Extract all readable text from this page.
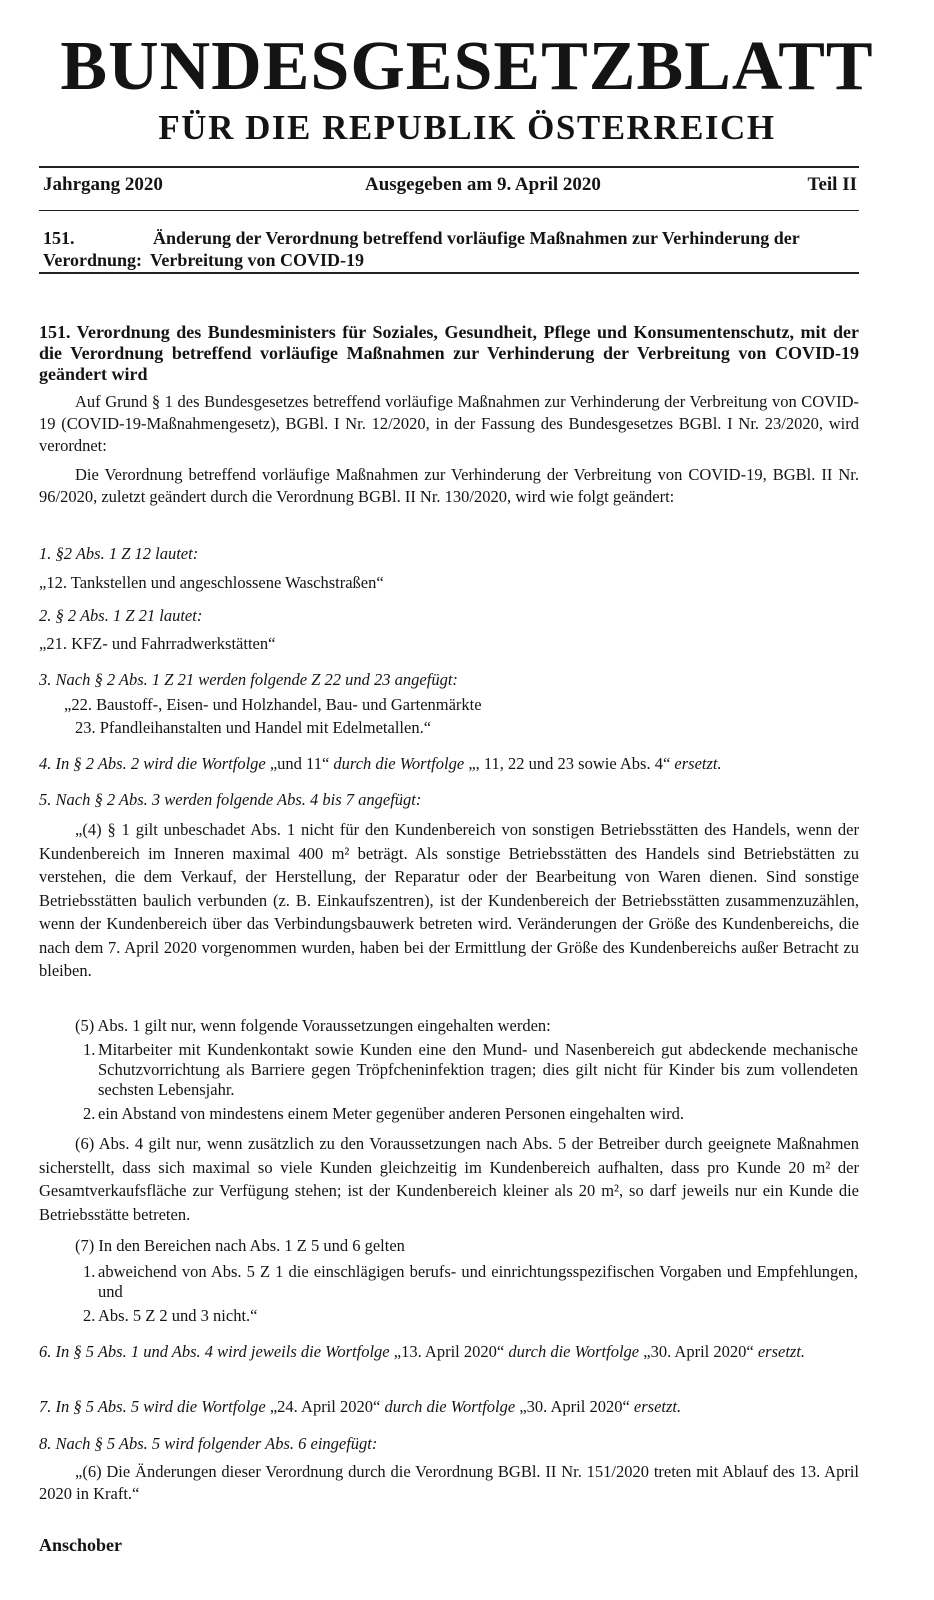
BUNDESGESETZBLATT
FÜR DIE REPUBLIK ÖSTERREICH
Jahrgang 2020	Ausgegeben am 9. April 2020	Teil II
151.	Änderung der Verordnung betreffend vorläufige Maßnahmen zur Verhinderung der
Verordnung: Verbreitung von COVID-19
151. Verordnung des Bundesministers für Soziales, Gesundheit, Pflege und Konsumentenschutz, mit der die Verordnung betreffend vorläufige Maßnahmen zur Verhinderung der Verbreitung von COVID-19 geändert wird
Auf Grund § 1 des Bundesgesetzes betreffend vorläufige Maßnahmen zur Verhinderung der Verbreitung von COVID-19 (COVID-19-Maßnahmengesetz), BGBl. I Nr. 12/2020, in der Fassung des Bundesgesetzes BGBl. I Nr. 23/2020, wird verordnet:
Die Verordnung betreffend vorläufige Maßnahmen zur Verhinderung der Verbreitung von COVID-19, BGBl. II Nr. 96/2020, zuletzt geändert durch die Verordnung BGBl. II Nr. 130/2020, wird wie folgt geändert:
1. §2 Abs. 1 Z 12 lautet:
„12. Tankstellen und angeschlossene Waschstraßen“
2. § 2 Abs. 1 Z 21 lautet:
„21. KFZ- und Fahrradwerkstätten“
3. Nach § 2 Abs. 1 Z 21 werden folgende Z 22 und 23 angefügt:
„22. Baustoff-, Eisen- und Holzhandel, Bau- und Gartenmärkte
23. Pfandleihanstalten und Handel mit Edelmetallen.“
4. In § 2 Abs. 2 wird die Wortfolge „und 11“ durch die Wortfolge „, 11, 22 und 23 sowie Abs. 4“ ersetzt.
5. Nach § 2 Abs. 3 werden folgende Abs. 4 bis 7 angefügt:
„(4) § 1 gilt unbeschadet Abs. 1 nicht für den Kundenbereich von sonstigen Betriebsstätten des Handels, wenn der Kundenbereich im Inneren maximal 400 m² beträgt. Als sonstige Betriebsstätten des Handels sind Betriebstätten zu verstehen, die dem Verkauf, der Herstellung, der Reparatur oder der Bearbeitung von Waren dienen. Sind sonstige Betriebsstätten baulich verbunden (z. B. Einkaufszentren), ist der Kundenbereich der Betriebsstätten zusammenzuzählen, wenn der Kundenbereich über das Verbindungsbauwerk betreten wird. Veränderungen der Größe des Kundenbereichs, die nach dem 7. April 2020 vorgenommen wurden, haben bei der Ermittlung der Größe des Kundenbereichs außer Betracht zu bleiben.
(5) Abs. 1 gilt nur, wenn folgende Voraussetzungen eingehalten werden:
1. Mitarbeiter mit Kundenkontakt sowie Kunden eine den Mund- und Nasenbereich gut abdeckende mechanische Schutzvorrichtung als Barriere gegen Tröpfcheninfektion tragen; dies gilt nicht für Kinder bis zum vollendeten sechsten Lebensjahr.
2. ein Abstand von mindestens einem Meter gegenüber anderen Personen eingehalten wird.
(6) Abs. 4 gilt nur, wenn zusätzlich zu den Voraussetzungen nach Abs. 5 der Betreiber durch geeignete Maßnahmen sicherstellt, dass sich maximal so viele Kunden gleichzeitig im Kundenbereich aufhalten, dass pro Kunde 20 m² der Gesamtverkaufsfläche zur Verfügung stehen; ist der Kundenbereich kleiner als 20 m², so darf jeweils nur ein Kunde die Betriebsstätte betreten.
(7) In den Bereichen nach Abs. 1 Z 5 und 6 gelten
1. abweichend von Abs. 5 Z 1 die einschlägigen berufs- und einrichtungsspezifischen Vorgaben und Empfehlungen, und
2. Abs. 5 Z 2 und 3 nicht.“
6. In § 5 Abs. 1 und Abs. 4 wird jeweils die Wortfolge „13. April 2020“ durch die Wortfolge „30. April 2020“ ersetzt.
7. In § 5 Abs. 5 wird die Wortfolge „24. April 2020“ durch die Wortfolge „30. April 2020“ ersetzt.
8. Nach § 5 Abs. 5 wird folgender Abs. 6 eingefügt:
„(6) Die Änderungen dieser Verordnung durch die Verordnung BGBl. II Nr. 151/2020 treten mit Ablauf des 13. April 2020 in Kraft.“
Anschober
